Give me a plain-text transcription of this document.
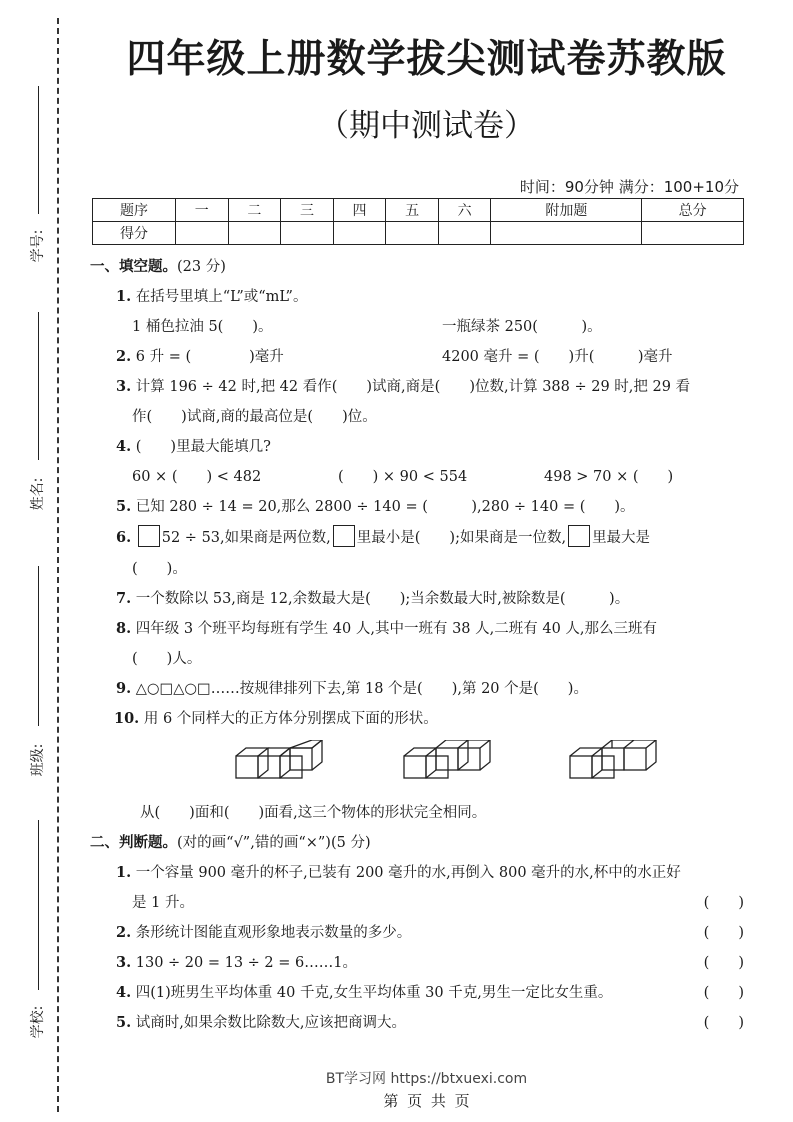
学号:
姓名:
班级:
学校:
四年级上册数学拔尖测试卷苏教版
（期中测试卷）
时间：90分钟 满分：100+10分
题序	一	二	三	四	五	六	附加题	总分
得分								
一、填空题。(23 分)
1. 在括号里填上“L”或“mL”。
1 桶色拉油 5(　　)。	一瓶绿茶 250(　　　)。
2. 6 升 = (　　　　)毫升	4200 毫升 = (　　)升(　　　)毫升
3. 计算 196 ÷ 42 时,把 42 看作(　　)试商,商是(　　)位数,计算 388 ÷ 29 时,把 29 看
作(　　)试商,商的最高位是(　　)位。
4. (　　)里最大能填几?
60 × (　　) < 482	(　　) × 90 < 554	498 > 70 × (　　)
5. 已知 280 ÷ 14 = 20,那么 2800 ÷ 140 = (　　　),280 ÷ 140 = (　　)。
6. 52 ÷ 53,如果商是两位数, 里最小是(　　);如果商是一位数, 里最大是
(　　)。
7. 一个数除以 53,商是 12,余数最大是(　　);当余数最大时,被除数是(　　　)。
8. 四年级 3 个班平均每班有学生 40 人,其中一班有 38 人,二班有 40 人,那么三班有
(　　)人。
9. △○□△○□……按规律排列下去,第 18 个是(　　),第 20 个是(　　)。
10. 用 6 个同样大的正方体分别摆成下面的形状。
从(　　)面和(　　)面看,这三个物体的形状完全相同。
二、判断题。(对的画“√”,错的画“×”)(5 分)
1. 一个容量 900 毫升的杯子,已装有 200 毫升的水,再倒入 800 毫升的水,杯中的水正好
是 1 升。	(　　)
2. 条形统计图能直观形象地表示数量的多少。	(　　)
3. 130 ÷ 20 = 13 ÷ 2 = 6……1。	(　　)
4. 四(1)班男生平均体重 40 千克,女生平均体重 30 千克,男生一定比女生重。	(　　)
5. 试商时,如果余数比除数大,应该把商调大。	(　　)
BT学习网 https://btxuexi.com
第 页 共 页
